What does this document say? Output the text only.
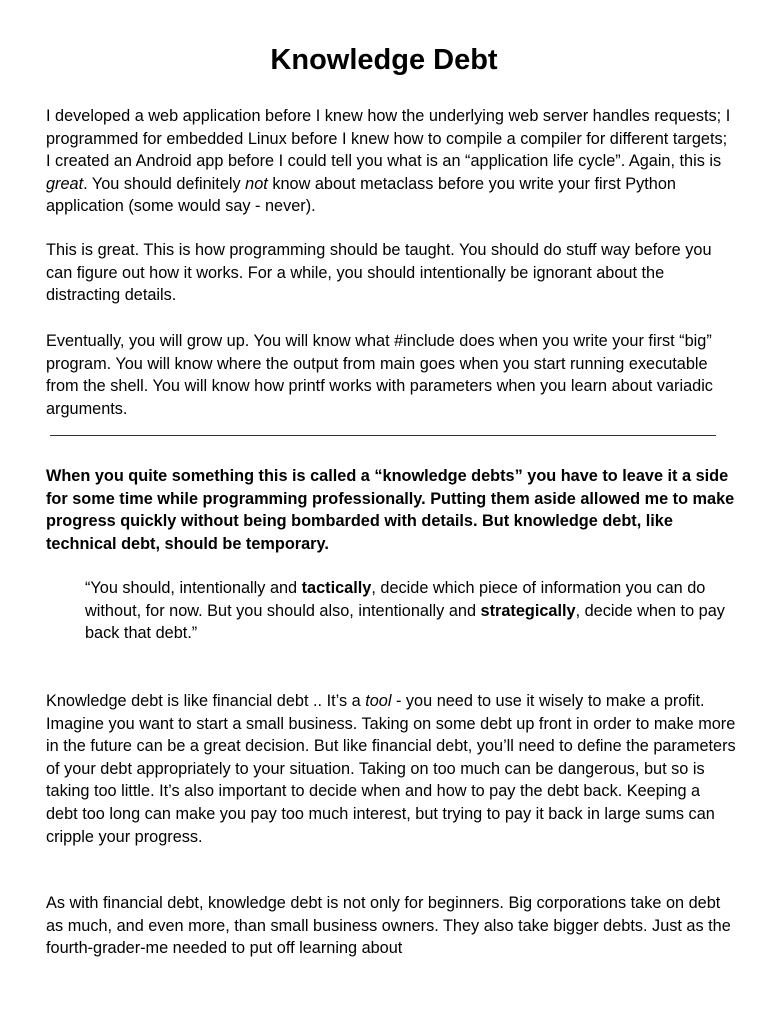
Knowledge Debt

I developed a web application before I knew how the underlying web server handles requests; I programmed for embedded Linux before I knew how to compile a compiler for different targets; I created an Android app before I could tell you what is an “application life cycle”. Again, this is great. You should definitely not know about metaclass before you write your first Python application (some would say - never).

This is great. This is how programming should be taught. You should do stuff way before you can figure out how it works. For a while, you should intentionally be ignorant about the distracting details.

Eventually, you will grow up. You will know what #include does when you write your first “big” program. You will know where the output from main goes when you start running executable from the shell. You will know how printf works with parameters when you learn about variadic arguments.

When you quite something this is called a “knowledge debts” you have to leave it a side for some time while programming professionally. Putting them aside allowed me to make progress quickly without being bombarded with details. But knowledge debt, like technical debt, should be temporary.

“You should, intentionally and tactically, decide which piece of information you can do without, for now. But you should also, intentionally and strategically, decide when to pay back that debt.”

Knowledge debt is like financial debt .. It’s a tool - you need to use it wisely to make a profit. Imagine you want to start a small business. Taking on some debt up front in order to make more in the future can be a great decision. But like financial debt, you’ll need to define the parameters of your debt appropriately to your situation. Taking on too much can be dangerous, but so is taking too little. It’s also important to decide when and how to pay the debt back. Keeping a debt too long can make you pay too much interest, but trying to pay it back in large sums can cripple your progress.

As with financial debt, knowledge debt is not only for beginners. Big corporations take on debt as much, and even more, than small business owners. They also take bigger debts. Just as the fourth-grader-me needed to put off learning about
